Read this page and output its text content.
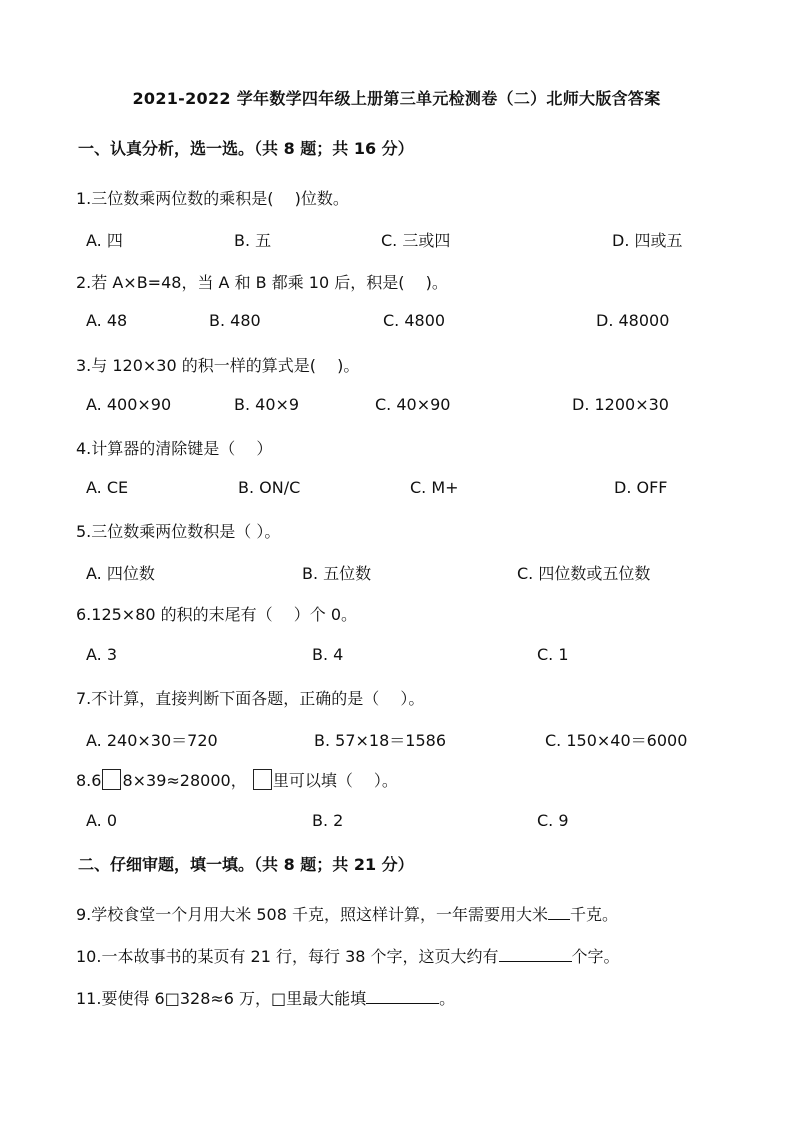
2021-2022 学年数学四年级上册第三单元检测卷（二）北师大版含答案
一、认真分析，选一选。（共 8 题；共 16 分）
1.三位数乘两位数的乘积是(　 )位数。
A. 四	B. 五	C. 三或四	D. 四或五
2.若 A×B=48，当 A 和 B 都乘 10 后，积是(　 )。
A. 48	B. 480	C. 4800	D. 48000
3.与 120×30 的积一样的算式是(　 )。
A. 400×90	B. 40×9	C. 40×90	D. 1200×30
4.计算器的清除键是（　 ）
A. CE	B. ON/C	C. M+	D. OFF
5.三位数乘两位数积是（ ）。
A. 四位数	B. 五位数	C. 四位数或五位数
6.125×80 的积的末尾有（　 ）个 0。
A. 3	B. 4	C. 1
7.不计算，直接判断下面各题，正确的是（　 ）。
A. 240×30＝720	B. 57×18＝1586	C. 150×40＝6000
8.6 8×39≈28000， 里可以填（　 ）。
A. 0	B. 2	C. 9
二、仔细审题，填一填。（共 8 题；共 21 分）
9.学校食堂一个月用大米 508 千克，照这样计算，一年需要用大米 千克。
10.一本故事书的某页有 21 行，每行 38 个字，这页大约有	个字。
11.要使得 6□328≈6 万，□里最大能填	。
